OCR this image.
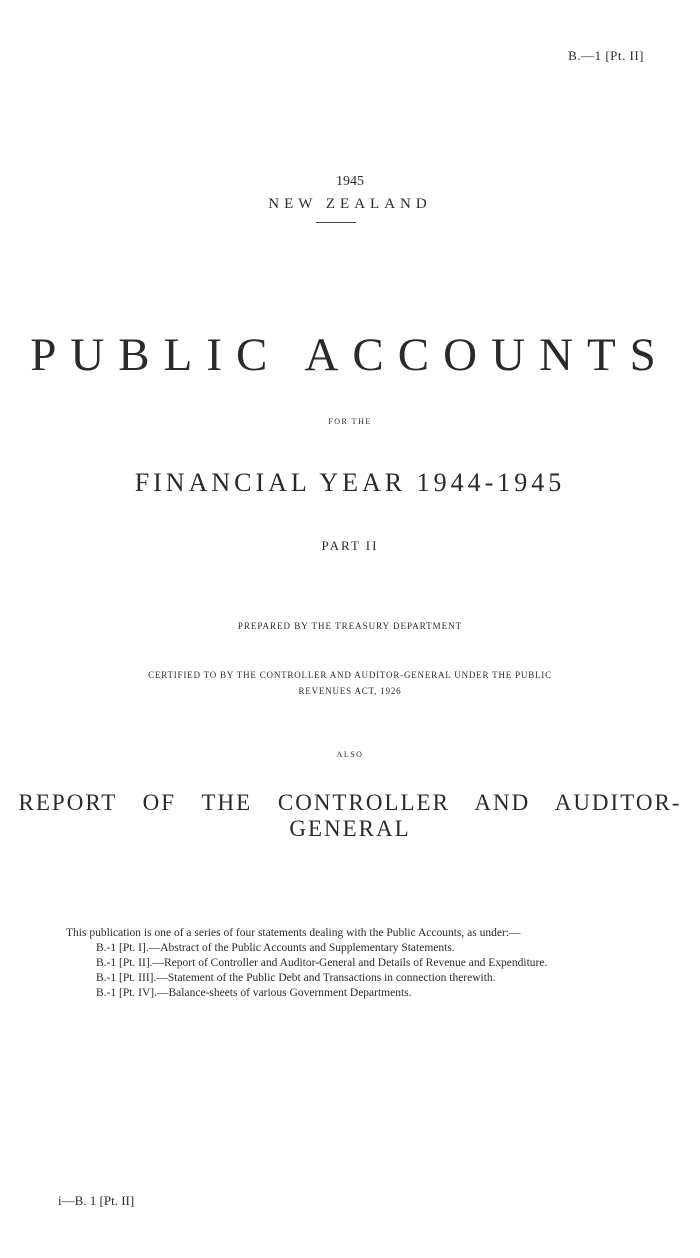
B.—1 [Pt. II]
1945
NEW ZEALAND
PUBLIC ACCOUNTS
FOR THE
FINANCIAL YEAR 1944-1945
PART II
PREPARED BY THE TREASURY DEPARTMENT
CERTIFIED TO BY THE CONTROLLER AND AUDITOR-GENERAL UNDER THE PUBLIC
REVENUES ACT, 1926
ALSO
REPORT OF THE CONTROLLER AND AUDITOR-GENERAL

This publication is one of a series of four statements dealing with the Public Accounts, as under:—

B.-1 [Pt. I].—Abstract of the Public Accounts and Supplementary Statements.
B.-1 [Pt. II].—Report of Controller and Auditor-General and Details of Revenue and Expenditure.
B.-1 [Pt. III].—Statement of the Public Debt and Transactions in connection therewith.
B.-1 [Pt. IV].—Balance-sheets of various Government Departments.
i—B. 1 [Pt. II]
